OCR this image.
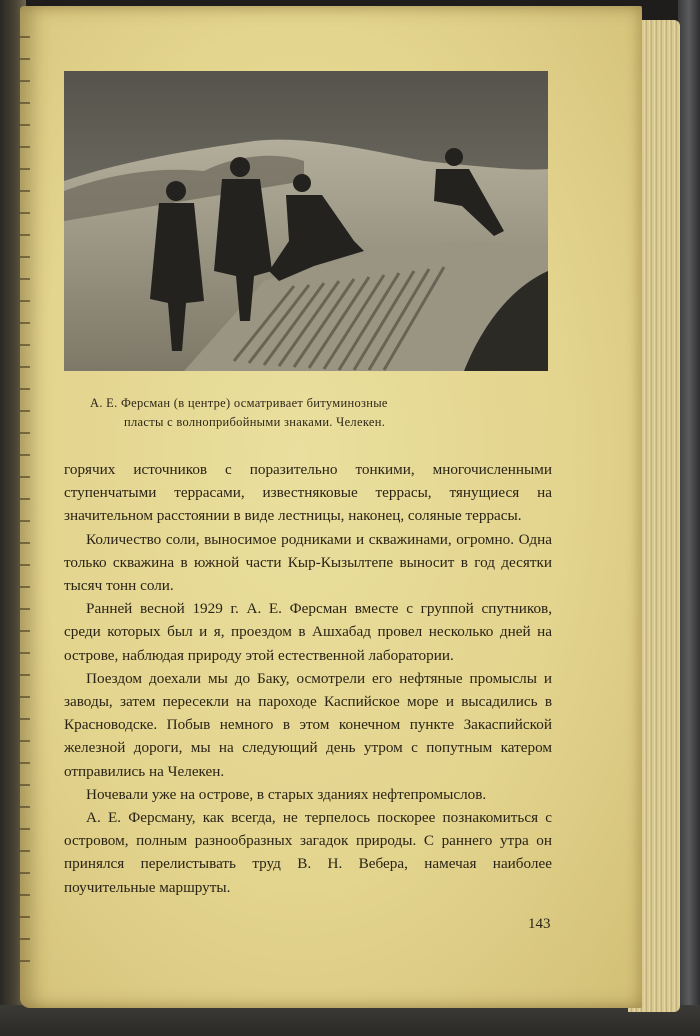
А. Е. Ферсман (в центре) осматривает битуминозные
пласты с волноприбойными знаками. Челекен.

горячих источников с поразительно тонкими, многочисленными ступенчатыми террасами, известняковые террасы, тянущиеся на значительном расстоянии в виде лестницы, наконец, соляные террасы.

Количество соли, выносимое родниками и скважинами, огромно. Одна только скважина в южной части Кыр-Кызылтепе выносит в год десятки тысяч тонн соли.

Ранней весной 1929 г. А. Е. Ферсман вместе с группой спутников, среди которых был и я, проездом в Ашхабад провел несколько дней на острове, наблюдая природу этой естественной лаборатории.

Поездом доехали мы до Баку, осмотрели его нефтяные промыслы и заводы, затем пересекли на пароходе Каспийское море и высадились в Красноводске. Побыв немного в этом конечном пункте Закаспийской железной дороги, мы на следующий день утром с попутным катером отправились на Челекен.

Ночевали уже на острове, в старых зданиях нефтепромыслов.

А. Е. Ферсману, как всегда, не терпелось поскорее познакомиться с островом, полным разнообразных загадок природы. С раннего утра он принялся перелистывать труд В. Н. Вебера, намечая наиболее поучительные маршруты.

143
